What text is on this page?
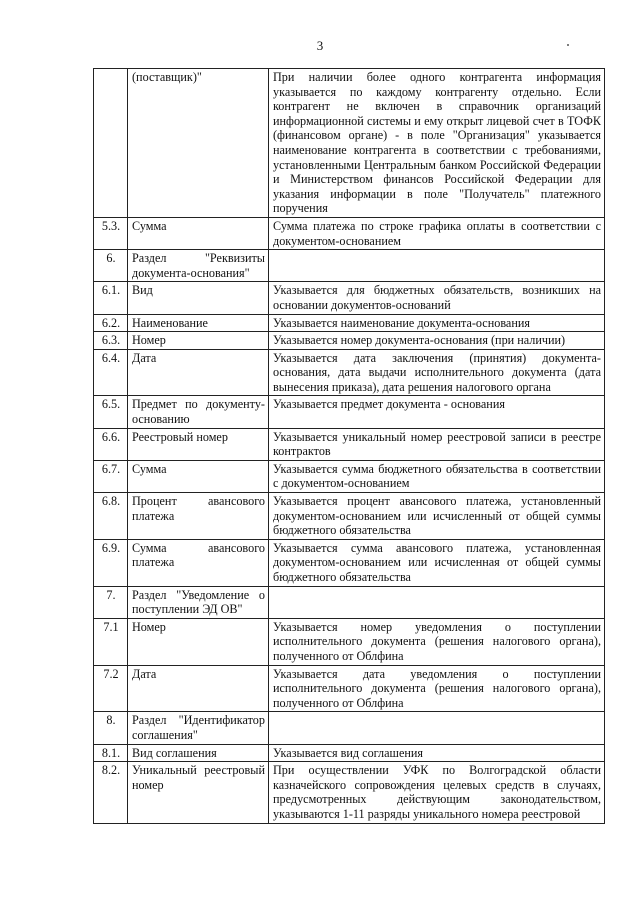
3
	(поставщик)"	При наличии более одного контрагента информация указывается по каждому контрагенту отдельно. Если контрагент не включен в справочник организаций информационной системы и ему открыт лицевой счет в ТОФК (финансовом органе) - в поле "Организация" указывается наименование контрагента в соответствии с требованиями, установленными Центральным банком Российской Федерации и Министерством финансов Российской Федерации для указания информации в поле "Получатель" платежного поручения
5.3.	Сумма	Сумма платежа по строке графика оплаты в соответствии с документом-основанием
6.	Раздел "Реквизиты документа-основания"	
6.1.	Вид	Указывается для бюджетных обязательств, возникших на основании документов-оснований
6.2.	Наименование	Указывается наименование документа-основания
6.3.	Номер	Указывается номер документа-основания (при наличии)
6.4.	Дата	Указывается дата заключения (принятия) документа-основания, дата выдачи исполнительного документа (дата вынесения приказа), дата решения налогового органа
6.5.	Предмет по документу-основанию	Указывается предмет документа - основания
6.6.	Реестровый номер	Указывается уникальный номер реестровой записи в реестре контрактов
6.7.	Сумма	Указывается сумма бюджетного обязательства в соответствии с документом-основанием
6.8.	Процент авансового платежа	Указывается процент авансового платежа, установленный документом-основанием или исчисленный от общей суммы бюджетного обязательства
6.9.	Сумма авансового платежа	Указывается сумма авансового платежа, установленная документом-основанием или исчисленная от общей суммы бюджетного обязательства
7.	Раздел "Уведомление о поступлении ЭД ОВ"	
7.1	Номер	Указывается номер уведомления о поступлении исполнительного документа (решения налогового органа), полученного от Облфина
7.2	Дата	Указывается дата уведомления о поступлении исполнительного документа (решения налогового органа), полученного от Облфина
8.	Раздел "Идентификатор соглашения"	
8.1.	Вид соглашения	Указывается вид соглашения
8.2.	Уникальный реестровый номер	При осуществлении УФК по Волгоградской области казначейского сопровождения целевых средств в случаях, предусмотренных действующим законодательством, указываются 1-11 разряды уникального номера реестровой
